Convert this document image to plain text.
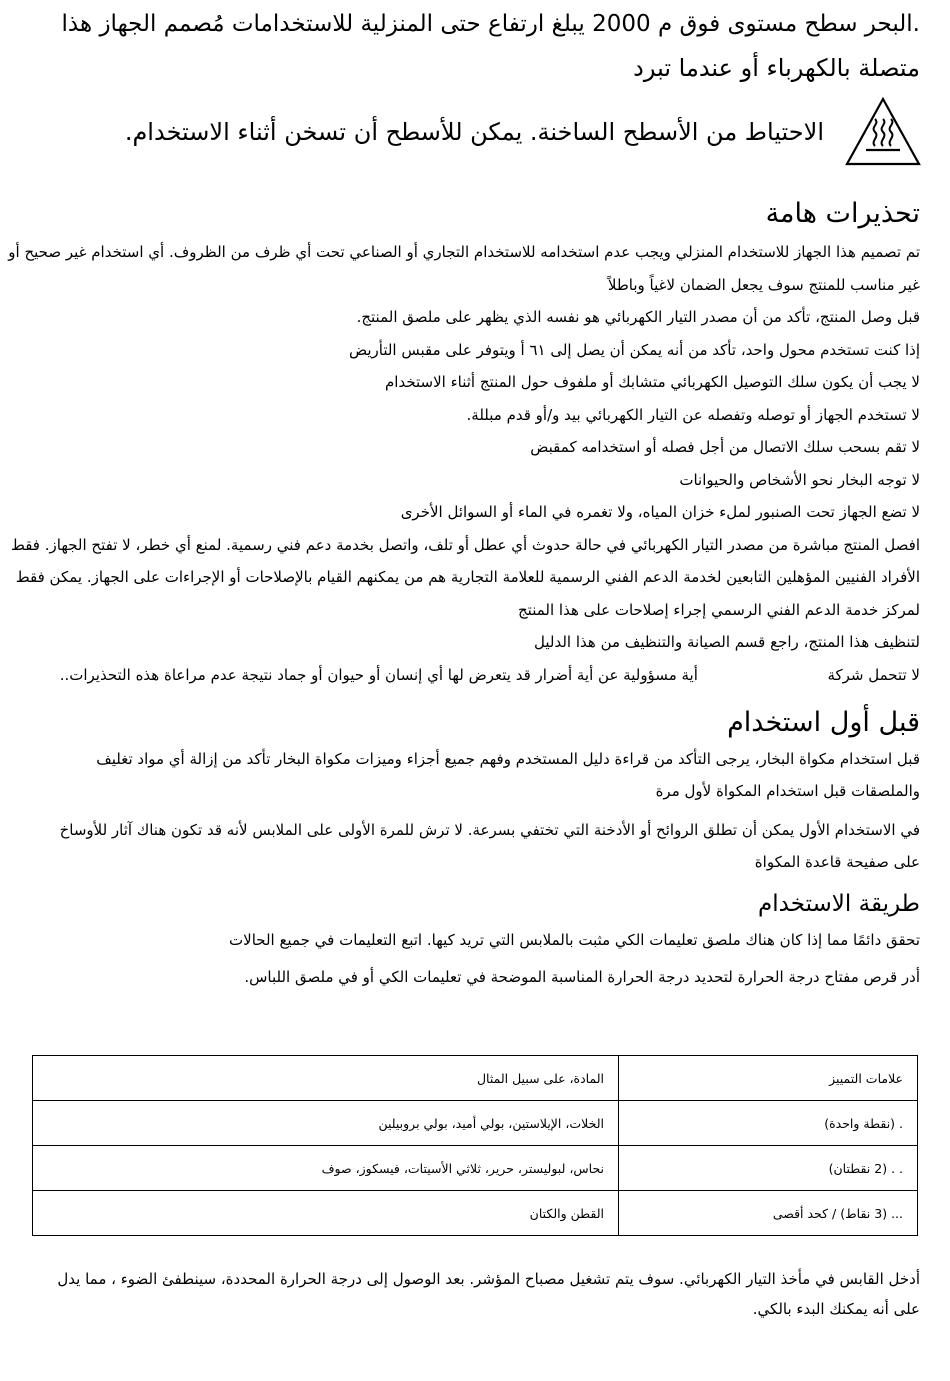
.البحر سطح مستوى فوق م 2000 يبلغ ارتفاع حتى المنزلية للاستخدامات مُصمم الجهاز هذا
متصلة بالكهرباء أو عندما تبرد
الاحتياط من الأسطح الساخنة. يمكن للأسطح أن تسخن أثناء الاستخدام.
تحذيرات هامة

تم تصميم هذا الجهاز للاستخدام المنزلي ويجب عدم استخدامه للاستخدام التجاري أو الصناعي تحت أي ظرف من الظروف. أي استخدام غير صحيح أو

غير مناسب للمنتج سوف يجعل الضمان لاغياً وباطلاً

قبل وصل المنتج، تأكد من أن مصدر التيار الكهربائي هو نفسه الذي يظهر على ملصق المنتج.

إذا كنت تستخدم محول واحد، تأكد من أنه يمكن أن يصل إلى ٦١ أ ويتوفر على مقبس التأريض

لا يجب أن يكون سلك التوصيل الكهربائي متشابك أو ملفوف حول المنتج أثناء الاستخدام

لا تستخدم الجهاز أو توصله وتفصله عن التيار الكهربائي بيد و/أو قدم مبللة.

لا تقم بسحب سلك الاتصال من أجل فصله أو استخدامه كمقبض

لا توجه البخار نحو الأشخاص والحيوانات

لا تضع الجهاز تحت الصنبور لملء خزان المياه، ولا تغمره في الماء أو السوائل الأخرى

افصل المنتج مباشرة من مصدر التيار الكهربائي في حالة حدوث أي عطل أو تلف، واتصل بخدمة دعم فني رسمية. لمنع أي خطر، لا تفتح الجهاز. فقط

الأفراد الفنيين المؤهلين التابعين لخدمة الدعم الفني الرسمية للعلامة التجارية هم من يمكنهم القيام بالإصلاحات أو الإجراءات على الجهاز. يمكن فقط

لمركز خدمة الدعم الفني الرسمي إجراء إصلاحات على هذا المنتج

لتنظيف هذا المنتج، راجع قسم الصيانة والتنظيف من هذا الدليل

لا تتحمل شركة  أية مسؤولية عن أية أضرار قد يتعرض لها أي إنسان أو حيوان أو جماد نتيجة عدم مراعاة هذه التحذيرات..

قبل أول استخدام

قبل استخدام مكواة البخار، يرجى التأكد من قراءة دليل المستخدم وفهم جميع أجزاء وميزات مكواة البخار تأكد من إزالة أي مواد تغليف والملصقات قبل استخدام المكواة لأول مرة

في الاستخدام الأول يمكن أن تطلق الروائح أو الأدخنة التي تختفي بسرعة. لا ترش للمرة الأولى على الملابس لأنه قد تكون هناك آثار للأوساخ على صفيحة قاعدة المكواة

طريقة الاستخدام

تحقق دائمًا مما إذا كان هناك ملصق تعليمات الكي مثبت بالملابس التي تريد كيها. اتبع التعليمات في جميع الحالات

أدر قرص مفتاح درجة الحرارة لتحديد درجة الحرارة المناسبة الموضحة في تعليمات الكي أو في ملصق اللباس.

علامات التمييز	المادة، على سبيل المثال
. (نقطة واحدة)	الخلات، الإيلاستين، بولي أميد، بولي بروبيلين
. . (2 نقطتان)	نحاس، لبوليستر، حرير، ثلاثي الأسيتات، فيسكوز، صوف
... (3 نقاط) / كحد أقصى	القطن والكتان

أدخل القابس في مأخذ التيار الكهربائي. سوف يتم تشغيل مصباح المؤشر. بعد الوصول إلى درجة الحرارة المحددة، سينطفئ الضوء ، مما يدل على أنه يمكنك البدء بالكي.
